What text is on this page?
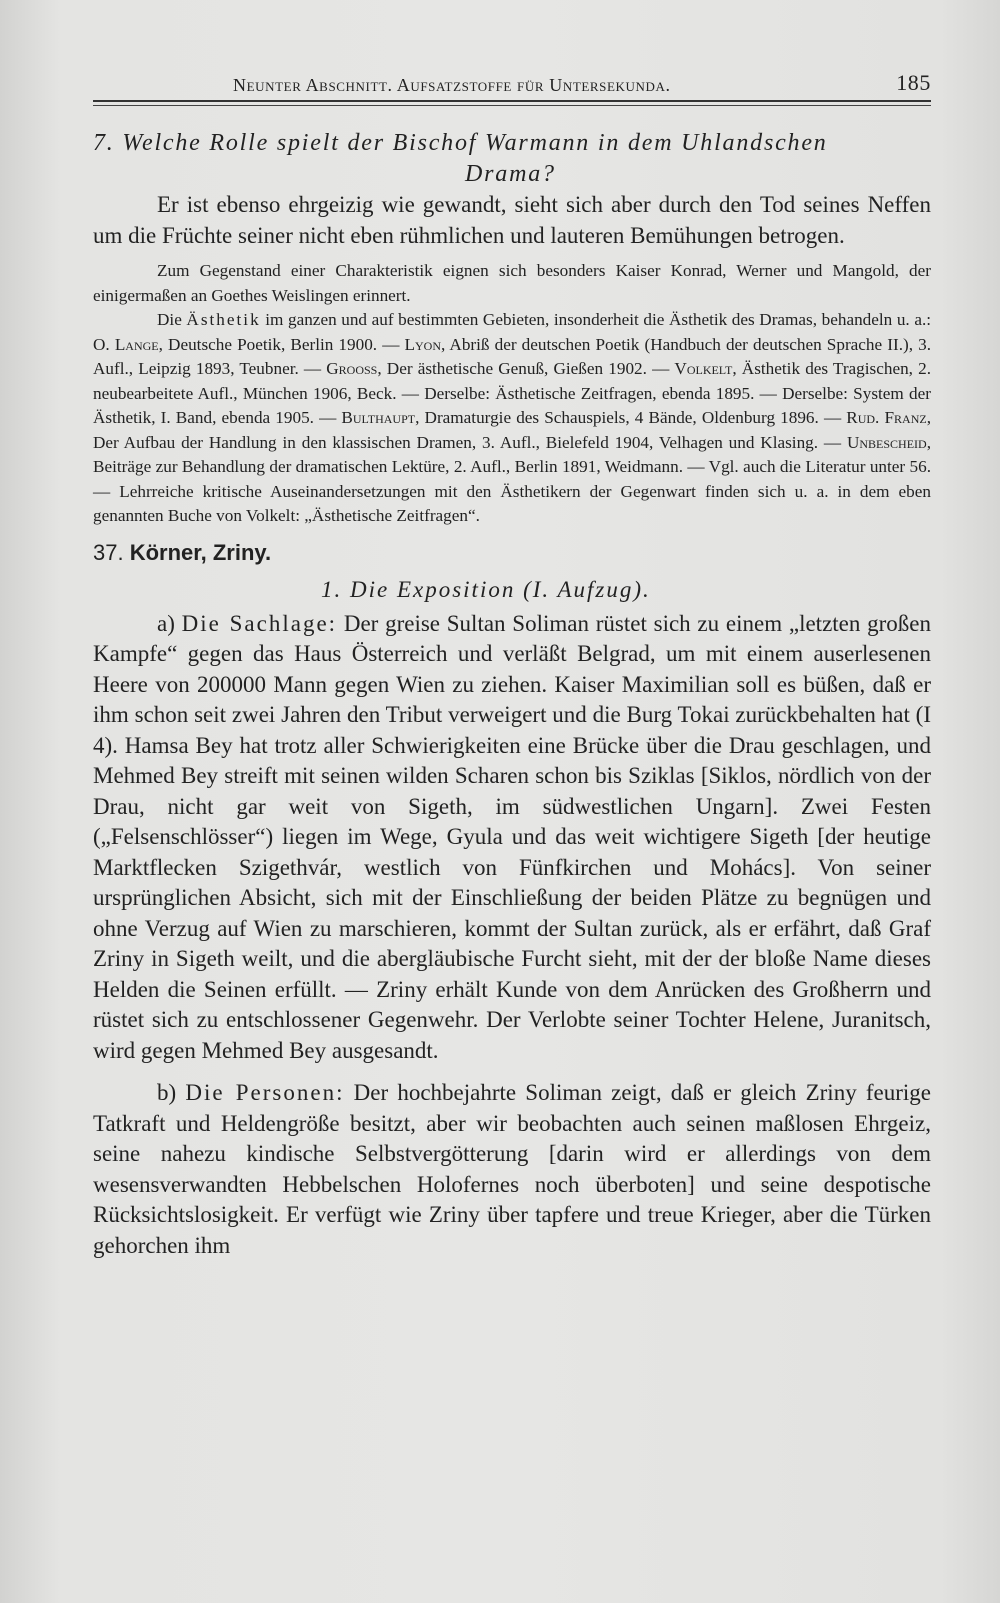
Neunter Abschnitt. Aufsatzstoffe für Untersekunda.	185
7. Welche Rolle spielt der Bischof Warmann in dem Uhlandschen
Drama?

Er ist ebenso ehrgeizig wie gewandt, sieht sich aber durch den Tod seines Neffen um die Früchte seiner nicht eben rühmlichen und lauteren Bemühungen betrogen.

Zum Gegenstand einer Charakteristik eignen sich besonders Kaiser Konrad, Werner und Mangold, der einigermaßen an Goethes Weislingen erinnert.

Die Ästhetik im ganzen und auf bestimmten Gebieten, insonderheit die Ästhetik des Dramas, behandeln u. a.: O. Lange, Deutsche Poetik, Berlin 1900. — Lyon, Abriß der deutschen Poetik (Handbuch der deutschen Sprache II.), 3. Aufl., Leipzig 1893, Teubner. — Grooss, Der ästhetische Genuß, Gießen 1902. — Volkelt, Ästhetik des Tragischen, 2. neubearbeitete Aufl., München 1906, Beck. — Derselbe: Ästhetische Zeitfragen, ebenda 1895. — Derselbe: System der Ästhetik, I. Band, ebenda 1905. — Bulthaupt, Dramaturgie des Schauspiels, 4 Bände, Oldenburg 1896. — Rud. Franz, Der Aufbau der Handlung in den klassischen Dramen, 3. Aufl., Bielefeld 1904, Velhagen und Klasing. — Unbescheid, Beiträge zur Behandlung der dramatischen Lektüre, 2. Aufl., Berlin 1891, Weidmann. — Vgl. auch die Literatur unter 56. — Lehrreiche kritische Auseinandersetzungen mit den Ästhetikern der Gegenwart finden sich u. a. in dem eben genannten Buche von Volkelt: „Ästhetische Zeitfragen“.

37. Körner, Zriny.
1. Die Exposition (I. Aufzug).

a) Die Sachlage: Der greise Sultan Soliman rüstet sich zu einem „letzten großen Kampfe“ gegen das Haus Österreich und verläßt Belgrad, um mit einem auserlesenen Heere von 200000 Mann gegen Wien zu ziehen. Kaiser Maximilian soll es büßen, daß er ihm schon seit zwei Jahren den Tribut verweigert und die Burg Tokai zurückbehalten hat (I 4). Hamsa Bey hat trotz aller Schwierigkeiten eine Brücke über die Drau geschlagen, und Mehmed Bey streift mit seinen wilden Scharen schon bis Sziklas [Siklos, nördlich von der Drau, nicht gar weit von Sigeth, im südwestlichen Ungarn]. Zwei Festen („Felsenschlösser“) liegen im Wege, Gyula und das weit wichtigere Sigeth [der heutige Marktflecken Szigethvár, westlich von Fünfkirchen und Mohács]. Von seiner ursprünglichen Absicht, sich mit der Einschließung der beiden Plätze zu begnügen und ohne Verzug auf Wien zu marschieren, kommt der Sultan zurück, als er erfährt, daß Graf Zriny in Sigeth weilt, und die abergläubische Furcht sieht, mit der der bloße Name dieses Helden die Seinen erfüllt. — Zriny erhält Kunde von dem Anrücken des Großherrn und rüstet sich zu entschlossener Gegenwehr. Der Verlobte seiner Tochter Helene, Juranitsch, wird gegen Mehmed Bey ausgesandt.

b) Die Personen: Der hochbejahrte Soliman zeigt, daß er gleich Zriny feurige Tatkraft und Heldengröße besitzt, aber wir beobachten auch seinen maßlosen Ehrgeiz, seine nahezu kindische Selbstvergötterung [darin wird er allerdings von dem wesensverwandten Hebbelschen Holofernes noch überboten] und seine despotische Rücksichtslosigkeit. Er verfügt wie Zriny über tapfere und treue Krieger, aber die Türken gehorchen ihm
